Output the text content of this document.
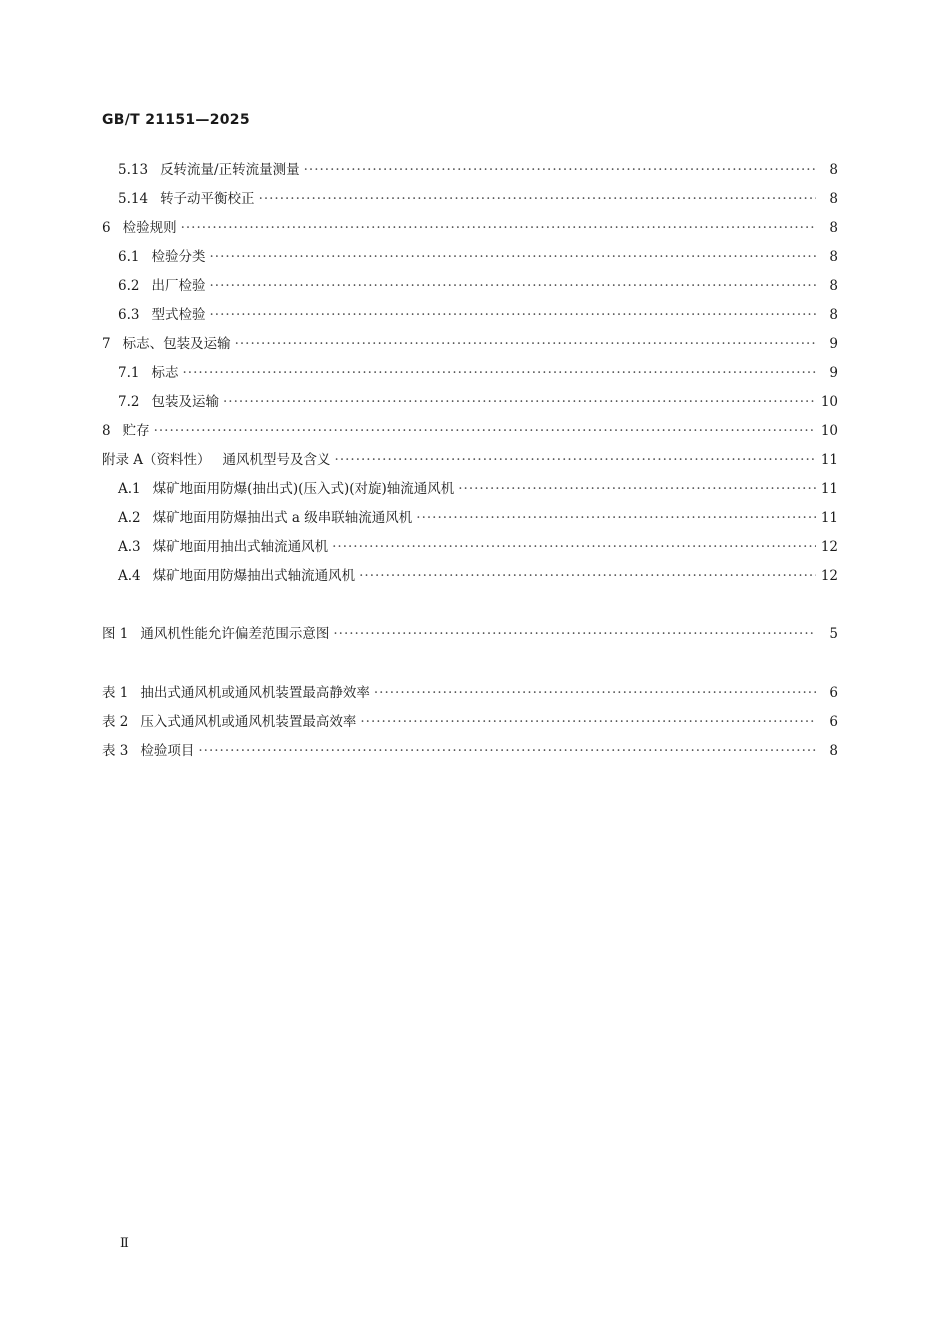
GB/T 21151—2025
5.13 反转流量/正转流量测量 ·····	8
5.14 转子动平衡校正 ·····	8
6 检验规则 ·····	8
6.1 检验分类 ·····	8
6.2 出厂检验 ·····	8
6.3 型式检验 ·····	8
7 标志、包装及运输 ·····	9
7.1 标志 ·····	9
7.2 包装及运输 ·····	10
8 贮存 ·····	10
附录 A（资料性） 通风机型号及含义 ·····	11
A.1 煤矿地面用防爆(抽出式)(压入式)(对旋)轴流通风机 ·····	11
A.2 煤矿地面用防爆抽出式 a 级串联轴流通风机 ·····	11
A.3 煤矿地面用抽出式轴流通风机 ·····	12
A.4 煤矿地面用防爆抽出式轴流通风机 ·····	12
图 1 通风机性能允许偏差范围示意图 ·····	5
表 1 抽出式通风机或通风机装置最高静效率 ·····	6
表 2 压入式通风机或通风机装置最高效率 ·····	6
表 3 检验项目 ·····	8
Ⅱ
